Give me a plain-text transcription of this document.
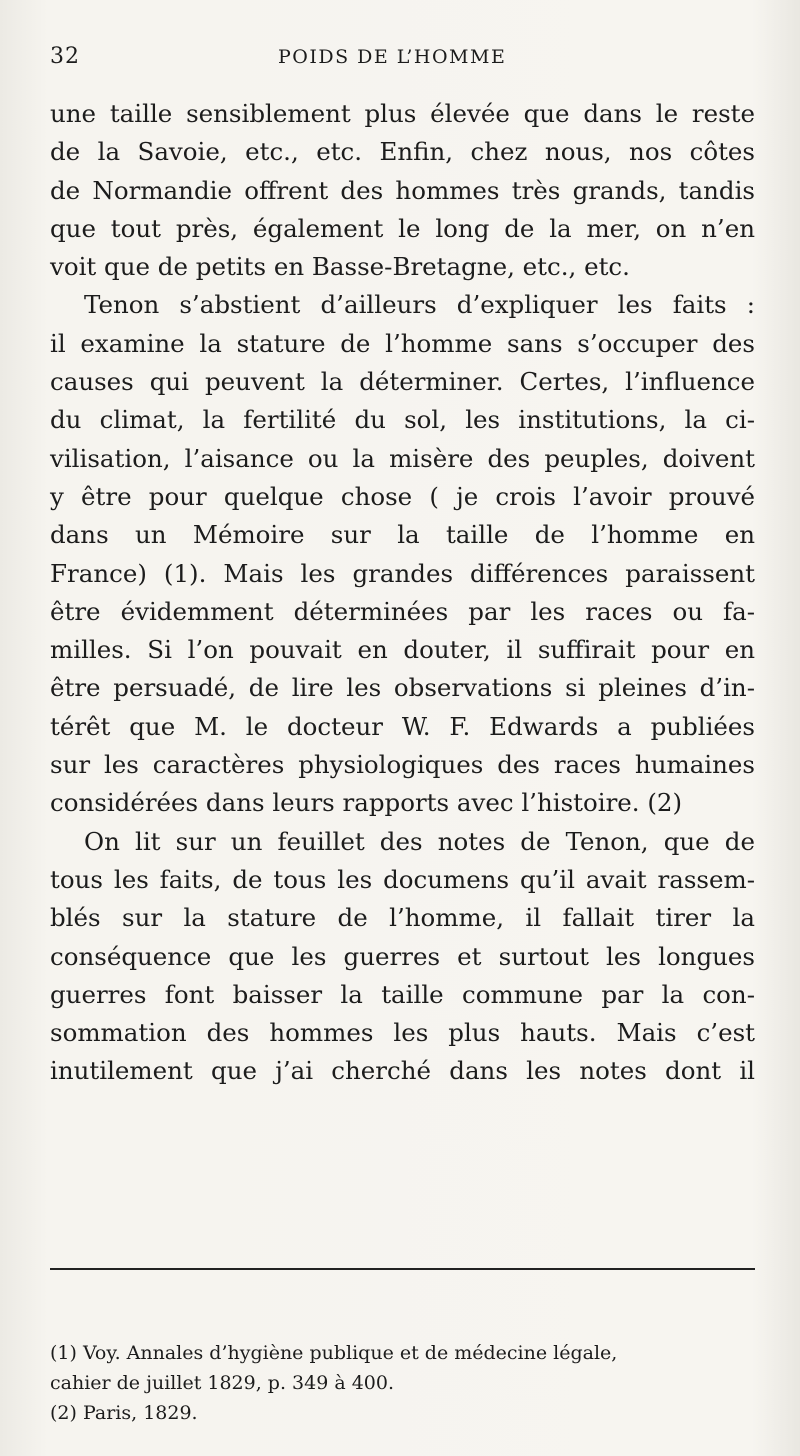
32	POIDS DE L’HOMME
une taille sensiblement plus élevée que dans le reste
de la Savoie, etc., etc. Enfin, chez nous, nos côtes
de Normandie offrent des hommes très grands, tandis
que tout près, également le long de la mer, on n’en
voit que de petits en Basse-Bretagne, etc., etc.
Tenon s’abstient d’ailleurs d’expliquer les faits :
il examine la stature de l’homme sans s’occuper des
causes qui peuvent la déterminer. Certes, l’influence
du climat, la fertilité du sol, les institutions, la ci-
vilisation, l’aisance ou la misère des peuples, doivent
y être pour quelque chose ( je crois l’avoir prouvé
dans un Mémoire sur la taille de l’homme en
France) (1). Mais les grandes différences paraissent
être évidemment déterminées par les races ou fa-
milles. Si l’on pouvait en douter, il suffirait pour en
être persuadé, de lire les observations si pleines d’in-
térêt que M. le docteur W. F. Edwards a publiées
sur les caractères physiologiques des races humaines
considérées dans leurs rapports avec l’histoire. (2)
On lit sur un feuillet des notes de Tenon, que de
tous les faits, de tous les documens qu’il avait rassem-
blés sur la stature de l’homme, il fallait tirer la
conséquence que les guerres et surtout les longues
guerres font baisser la taille commune par la con-
sommation des hommes les plus hauts. Mais c’est
inutilement que j’ai cherché dans les notes dont il
(1) Voy. Annales d’hygiène publique et de médecine légale,
cahier de juillet 1829, p. 349 à 400.
(2) Paris, 1829.
